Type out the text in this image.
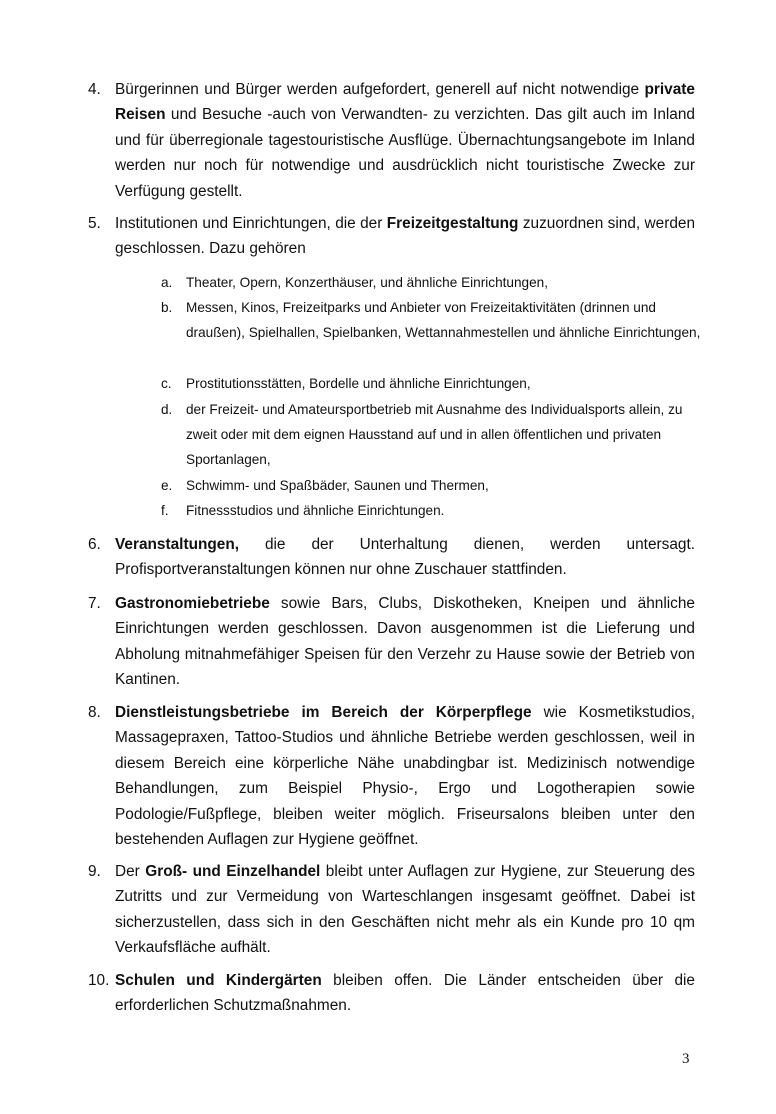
4. Bürgerinnen und Bürger werden aufgefordert, generell auf nicht notwendige private Reisen und Besuche -auch von Verwandten- zu verzichten. Das gilt auch im Inland und für überregionale tagestouristische Ausflüge. Übernachtungsangebote im Inland werden nur noch für notwendige und ausdrücklich nicht touristische Zwecke zur Verfügung gestellt.
5. Institutionen und Einrichtungen, die der Freizeitgestaltung zuzuordnen sind, werden geschlossen. Dazu gehören
a.	Theater, Opern, Konzerthäuser, und ähnliche Einrichtungen,
b.	Messen, Kinos, Freizeitparks und Anbieter von Freizeitaktivitäten (drinnen und draußen), Spielhallen, Spielbanken, Wettannahmestellen und ähnliche Einrichtungen,
c.	Prostitutionsstätten, Bordelle und ähnliche Einrichtungen,
d.	der Freizeit- und Amateursportbetrieb mit Ausnahme des Individualsports allein, zu zweit oder mit dem eignen Hausstand auf und in allen öffentlichen und privaten Sportanlagen,
e.	Schwimm- und Spaßbäder, Saunen und Thermen,
f.	Fitnessstudios und ähnliche Einrichtungen.
6. Veranstaltungen, die der Unterhaltung dienen, werden untersagt. Profisportveranstaltungen können nur ohne Zuschauer stattfinden.
7. Gastronomiebetriebe sowie Bars, Clubs, Diskotheken, Kneipen und ähnliche Einrichtungen werden geschlossen. Davon ausgenommen ist die Lieferung und Abholung mitnahmefähiger Speisen für den Verzehr zu Hause sowie der Betrieb von Kantinen.
8. Dienstleistungsbetriebe im Bereich der Körperpflege wie Kosmetikstudios, Massagepraxen, Tattoo-Studios und ähnliche Betriebe werden geschlossen, weil in diesem Bereich eine körperliche Nähe unabdingbar ist. Medizinisch notwendige Behandlungen, zum Beispiel Physio-, Ergo und Logotherapien sowie Podologie/Fußpflege, bleiben weiter möglich. Friseursalons bleiben unter den bestehenden Auflagen zur Hygiene geöffnet.
9. Der Groß- und Einzelhandel bleibt unter Auflagen zur Hygiene, zur Steuerung des Zutritts und zur Vermeidung von Warteschlangen insgesamt geöffnet. Dabei ist sicherzustellen, dass sich in den Geschäften nicht mehr als ein Kunde pro 10 qm Verkaufsfläche aufhält.
10. Schulen und Kindergärten bleiben offen. Die Länder entscheiden über die erforderlichen Schutzmaßnahmen.
3
